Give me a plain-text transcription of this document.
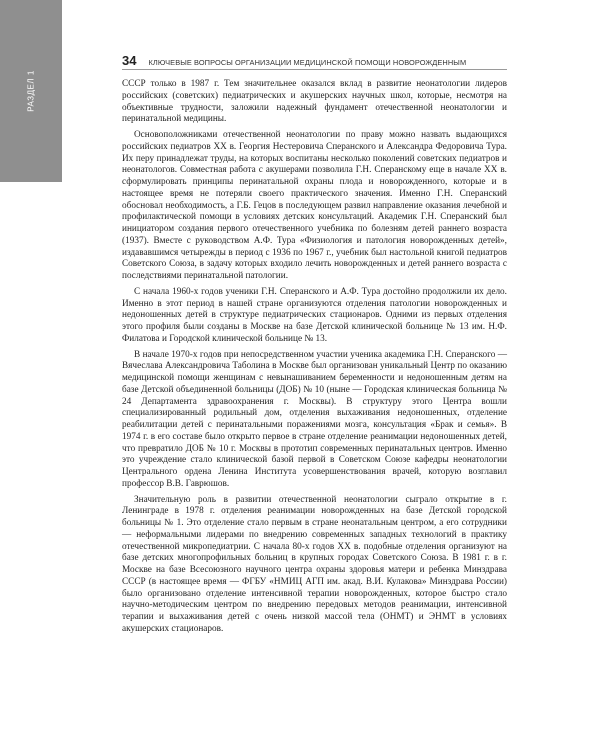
РАЗДЕЛ 1
34 КЛЮЧЕВЫЕ ВОПРОСЫ ОРГАНИЗАЦИИ МЕДИЦИНСКОЙ ПОМОЩИ НОВОРОЖДЕННЫМ

СССР только в 1987 г. Тем значительнее оказался вклад в развитие неонатологии лидеров российских (советских) педиатрических и акушерских научных школ, которые, несмотря на объективные трудности, заложили надежный фундамент отечественной неонатологии и перинатальной медицины.

Основоположниками отечественной неонатологии по праву можно назвать выдающихся российских педиатров XX в. Георгия Нестеровича Сперанского и Александра Федоровича Тура. Их перу принадлежат труды, на которых воспитаны несколько поколений советских педиатров и неонатологов. Совместная работа с акушерами позволила Г.Н. Сперанскому еще в начале XX в. сформулировать принципы перинатальной охраны плода и новорожденного, которые и в настоящее время не потеряли своего практического значения. Именно Г.Н. Сперанский обосновал необходимость, а Г.Б. Гецов в последующем развил направление оказания лечебной и профилактической помощи в условиях детских консультаций. Академик Г.Н. Сперанский был инициатором создания первого отечественного учебника по болезням детей раннего возраста (1937). Вместе с руководством А.Ф. Тура «Физиология и патология новорожденных детей», издававшимся четырежды в период с 1936 по 1967 г., учебник был настольной книгой педиатров Советского Союза, в задачу которых входило лечить новорожденных и детей раннего возраста с последствиями перинатальной патологии.

С начала 1960-х годов ученики Г.Н. Сперанского и А.Ф. Тура достойно продолжили их дело. Именно в этот период в нашей стране организуются отделения патологии новорожденных и недоношенных детей в структуре педиатрических стационаров. Одними из первых отделения этого профиля были созданы в Москве на базе Детской клинической больнице № 13 им. Н.Ф. Филатова и Городской клинической больнице № 13.

В начале 1970-х годов при непосредственном участии ученика академика Г.Н. Сперанского — Вячеслава Александровича Таболина в Москве был организован уникальный Центр по оказанию медицинской помощи женщинам с невынашиванием беременности и недоношенным детям на базе Детской объединенной больницы (ДОБ) № 10 (ныне — Городская клиническая больница № 24 Департамента здравоохранения г. Москвы). В структуру этого Центра вошли специализированный родильный дом, отделения выхаживания недоношенных, отделение реабилитации детей с перинатальными поражениями мозга, консультация «Брак и семья». В 1974 г. в его составе было открыто первое в стране отделение реанимации недоношенных детей, что превратило ДОБ № 10 г. Москвы в прототип современных перинатальных центров. Именно это учреждение стало клинической базой первой в Советском Союзе кафедры неонатологии Центрального ордена Ленина Института усовершенствования врачей, которую возглавил профессор В.В. Гаврюшов.

Значительную роль в развитии отечественной неонатологии сыграло открытие в г. Ленинграде в 1978 г. отделения реанимации новорожденных на базе Детской городской больницы № 1. Это отделение стало первым в стране неонатальным центром, а его сотрудники — неформальными лидерами по внедрению современных западных технологий в практику отечественной микропедиатрии. С начала 80-х годов XX в. подобные отделения организуют на базе детских многопрофильных больниц в крупных городах Советского Союза. В 1981 г. в г. Москве на базе Всесоюзного научного центра охраны здоровья матери и ребенка Минздрава СССР (в настоящее время — ФГБУ «НМИЦ АГП им. акад. В.И. Кулакова» Минздрава России) было организовано отделение интенсивной терапии новорожденных, которое быстро стало научно-методическим центром по внедрению передовых методов реанимации, интенсивной терапии и выхаживания детей с очень низкой массой тела (ОНМТ) и ЭНМТ в условиях акушерских стационаров.
